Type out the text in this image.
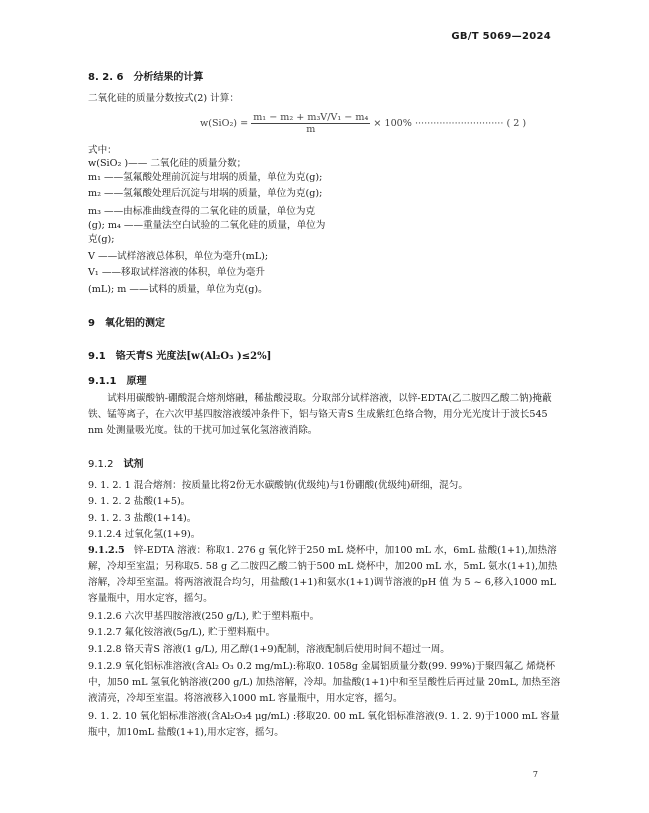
GB/T 5069—2024
8. 2. 6 分析结果的计算
二氧化硅的质量分数按式(2) 计算：
$w(SiO_2) = \frac{\text{m₁ − m₂ + m₃V/V₁ − m₄}}{m} \times 100\%$ ····························· ( 2 )
式中：
w(SiO₂ )—— 二氧化硅的质量分数；
m₁ ——氢氟酸处理前沉淀与坩埚的质量，单位为克(g);
m₂ ——氢氟酸处理后沉淀与坩埚的质量，单位为克(g);
m₃ ——由标准曲线查得的二氧化硅的质量，单位为克
(g); m₄ ——重量法空白试验的二氧化硅的质量，单位为
克(g);
V ——试样溶液总体积，单位为毫升(mL);
V₁ ——移取试样溶液的体积，单位为毫升
(mL); m ——试料的质量，单位为克(g)。
9 氧化铝的测定
9.1 铬天青S 光度法[w(Al₂O₃ )≤2%]
9.1.1 原理
试料用碳酸钠-硼酸混合熔剂熔融，稀盐酸浸取。分取部分试样溶液，以锌-EDTA(乙二胺四乙酸二钠)掩蔽铁、锰等离子，在六次甲基四胺溶液缓冲条件下，铝与铬天青S 生成紫红色络合物，用分光光度计于波长545 nm 处测量吸光度。钛的干扰可加过氧化氢溶液消除。
9.1.2 试剂
9. 1. 2. 1 混合熔剂：按质量比将2份无水碳酸钠(优级纯)与1份硼酸(优级纯)研细，混匀。
9. 1. 2. 2 盐酸(1+5)。
9. 1. 2. 3 盐酸(1+14)。
9.1.2.4 过氧化氢(1+9)。
9.1.2.5 锌-EDTA 溶液：称取1. 276 g 氧化锌于250 mL 烧杯中，加100 mL 水，6mL 盐酸(1+1),加热溶解，冷却至室温；另称取5. 58 g 乙二胺四乙酸二钠于500 mL 烧杯中，加200 mL 水，5mL 氨水(1+1),加热溶解，冷却至室温。将两溶液混合均匀，用盐酸(1+1)和氨水(1+1)调节溶液的pH 值 为 5 ~ 6,移入1000 mL容量瓶中，用水定容，摇匀。
9.1.2.6 六次甲基四胺溶液(250 g/L), 贮于塑料瓶中。
9.1.2.7 氟化铵溶液(5g/L), 贮于塑料瓶中。
9.1.2.8 铬天青S 溶液(1 g/L), 用乙醇(1+9)配制，溶液配制后使用时间不超过一周。
9.1.2.9 氧化铝标准溶液(含Al₂ O₃ 0.2 mg/mL):称取0. 1058g 金属铝质量分数(99. 99%)于聚四氟乙 烯烧杯中，加50 mL 氢氧化钠溶液(200 g/L) 加热溶解，冷却。加盐酸(1+1)中和至呈酸性后再过量 20mL, 加热至溶液清亮，冷却至室温。将溶液移入1000 mL 容量瓶中，用水定容，摇匀。
9. 1. 2. 10 氧化铝标准溶液(含Al₂O₃4 μg/mL) :移取20. 00 mL 氧化铝标准溶液(9. 1. 2. 9)于1000 mL 容量瓶中，加10mL 盐酸(1+1),用水定容，摇匀。
7
